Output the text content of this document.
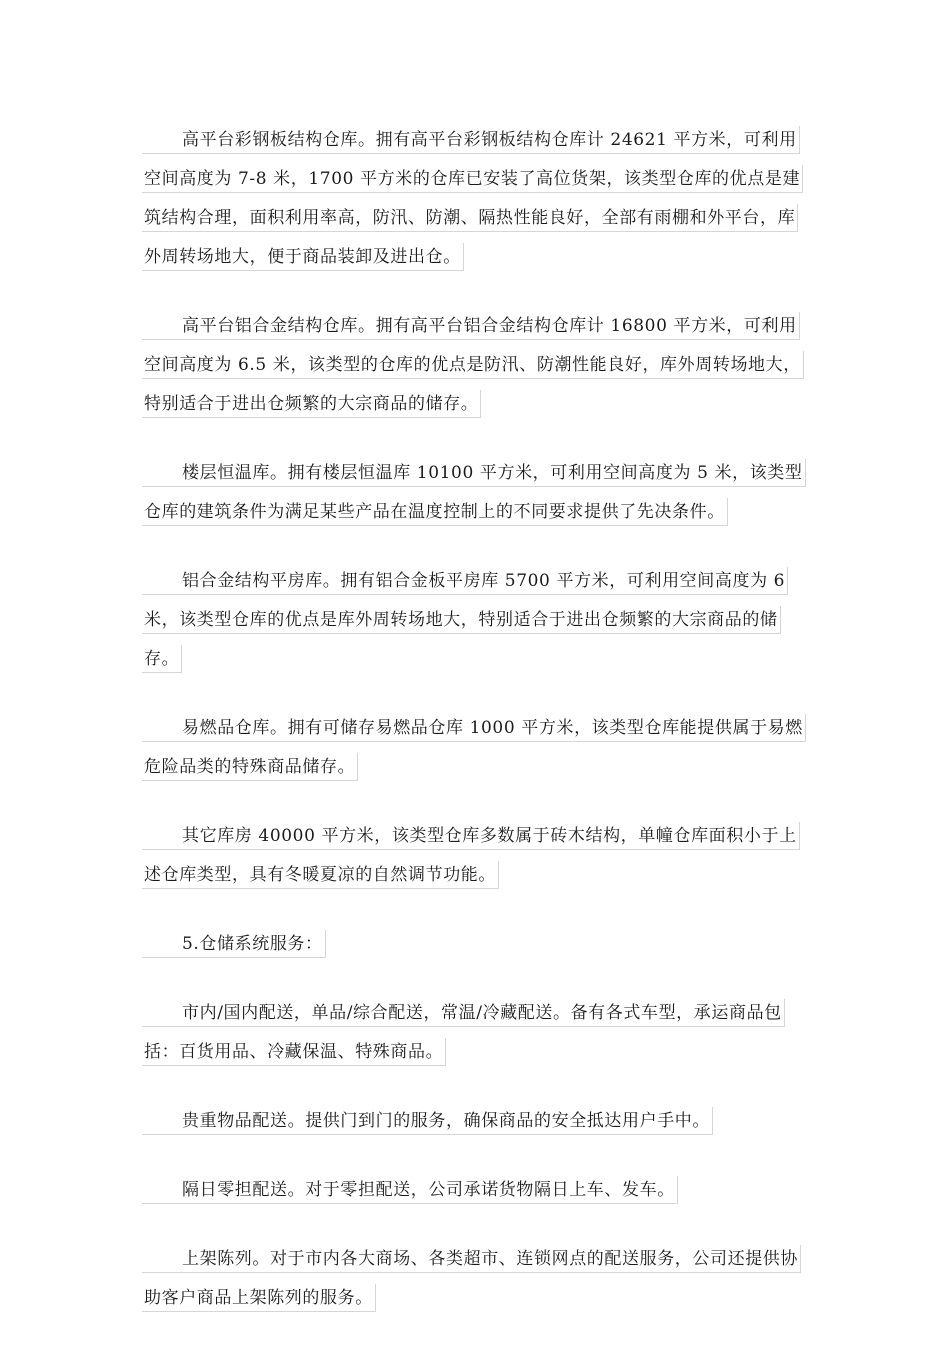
高平台彩钢板结构仓库。拥有高平台彩钢板结构仓库计 24621 平方米，可利用空间高度为 7-8 米，1700 平方米的仓库已安装了高位货架，该类型仓库的优点是建筑结构合理，面积利用率高，防汛、防潮、隔热性能良好，全部有雨棚和外平台，库外周转场地大，便于商品装卸及进出仓。

高平台铝合金结构仓库。拥有高平台铝合金结构仓库计 16800 平方米，可利用空间高度为 6.5 米，该类型的仓库的优点是防汛、防潮性能良好，库外周转场地大，特别适合于进出仓频繁的大宗商品的储存。

楼层恒温库。拥有楼层恒温库 10100 平方米，可利用空间高度为 5 米，该类型仓库的建筑条件为满足某些产品在温度控制上的不同要求提供了先决条件。

铝合金结构平房库。拥有铝合金板平房库 5700 平方米，可利用空间高度为 6 米，该类型仓库的优点是库外周转场地大，特别适合于进出仓频繁的大宗商品的储存。

易燃品仓库。拥有可储存易燃品仓库 1000 平方米，该类型仓库能提供属于易燃危险品类的特殊商品储存。

其它库房 40000 平方米，该类型仓库多数属于砖木结构，单幢仓库面积小于上述仓库类型，具有冬暖夏凉的自然调节功能。

5.仓储系统服务：

市内/国内配送，单品/综合配送，常温/冷藏配送。备有各式车型，承运商品包括：百货用品、冷藏保温、特殊商品。

贵重物品配送。提供门到门的服务，确保商品的安全抵达用户手中。

隔日零担配送。对于零担配送，公司承诺货物隔日上车、发车。

上架陈列。对于市内各大商场、各类超市、连锁网点的配送服务，公司还提供协助客户商品上架陈列的服务。
